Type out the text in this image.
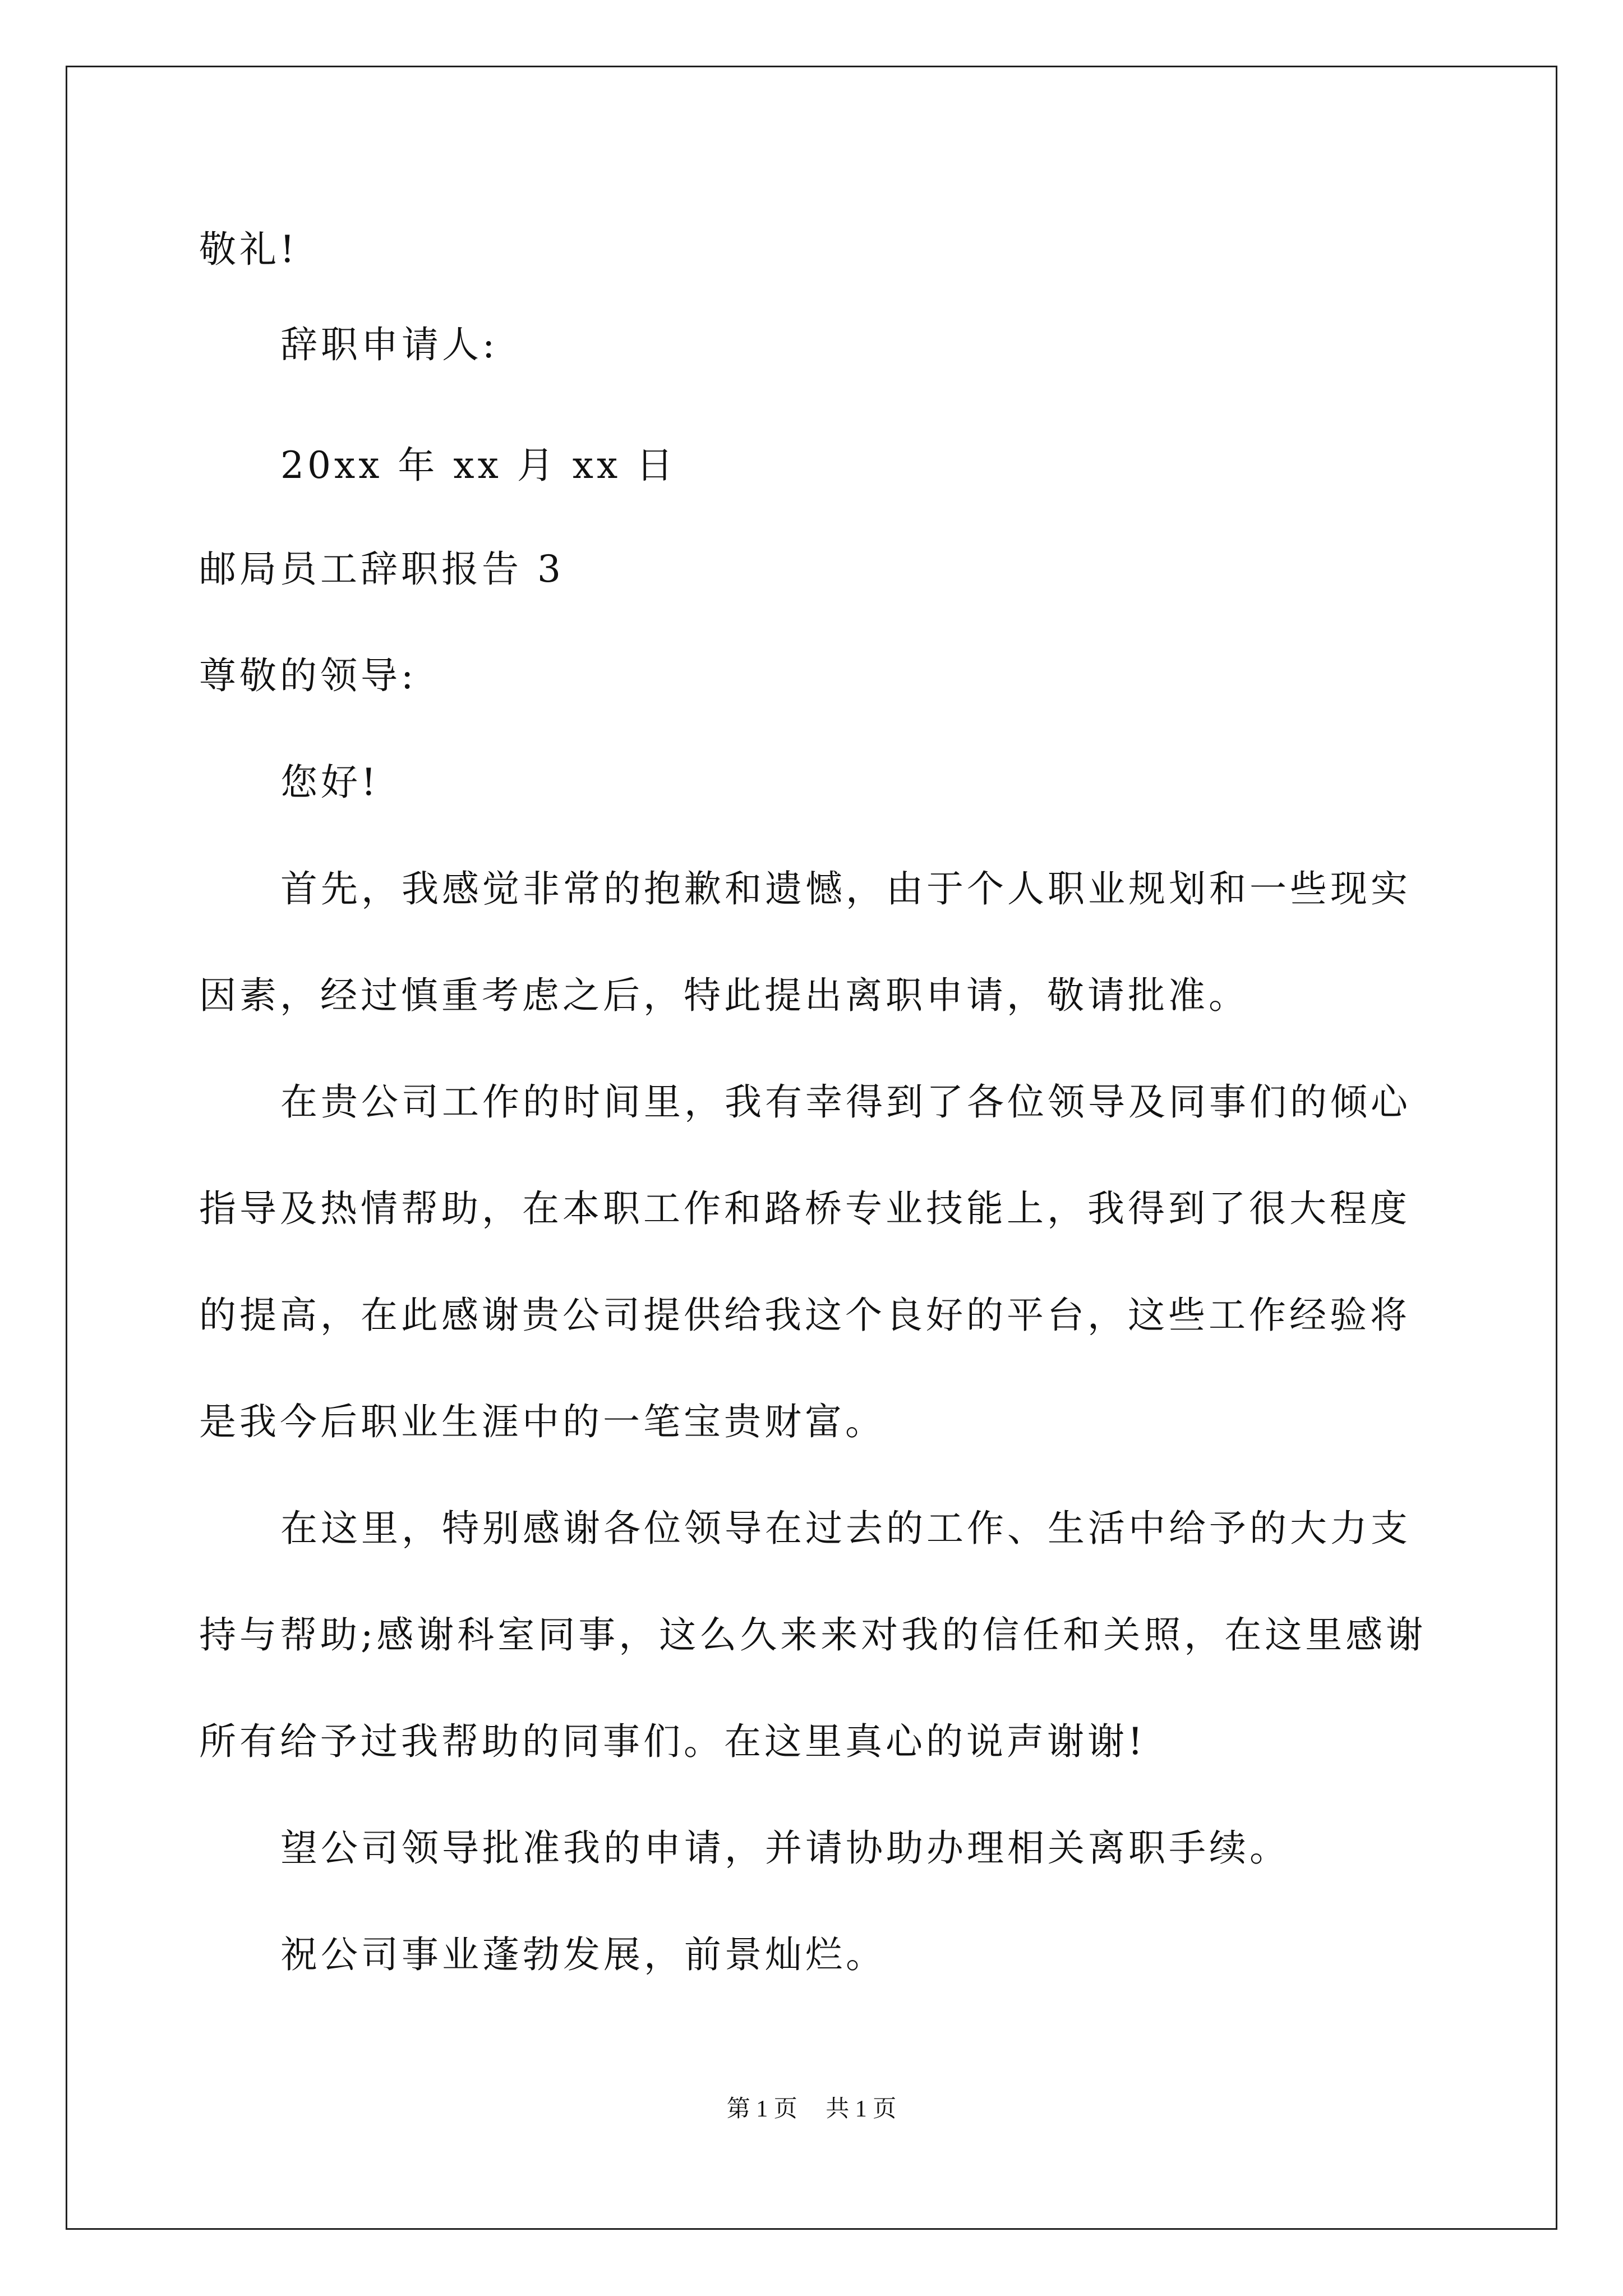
敬礼!
辞职申请人:
20xx 年 xx 月 xx 日
邮局员工辞职报告 3
尊敬的领导:
您好!
首先，我感觉非常的抱歉和遗憾，由于个人职业规划和一些现实
因素，经过慎重考虑之后，特此提出离职申请，敬请批准。
在贵公司工作的时间里，我有幸得到了各位领导及同事们的倾心
指导及热情帮助，在本职工作和路桥专业技能上，我得到了很大程度
的提高，在此感谢贵公司提供给我这个良好的平台，这些工作经验将
是我今后职业生涯中的一笔宝贵财富。
在这里，特别感谢各位领导在过去的工作、生活中给予的大力支
持与帮助;感谢科室同事，这么久来来对我的信任和关照，在这里感谢
所有给予过我帮助的同事们。在这里真心的说声谢谢!
望公司领导批准我的申请，并请协助办理相关离职手续。
祝公司事业蓬勃发展，前景灿烂。
第 1 页 共 1 页
